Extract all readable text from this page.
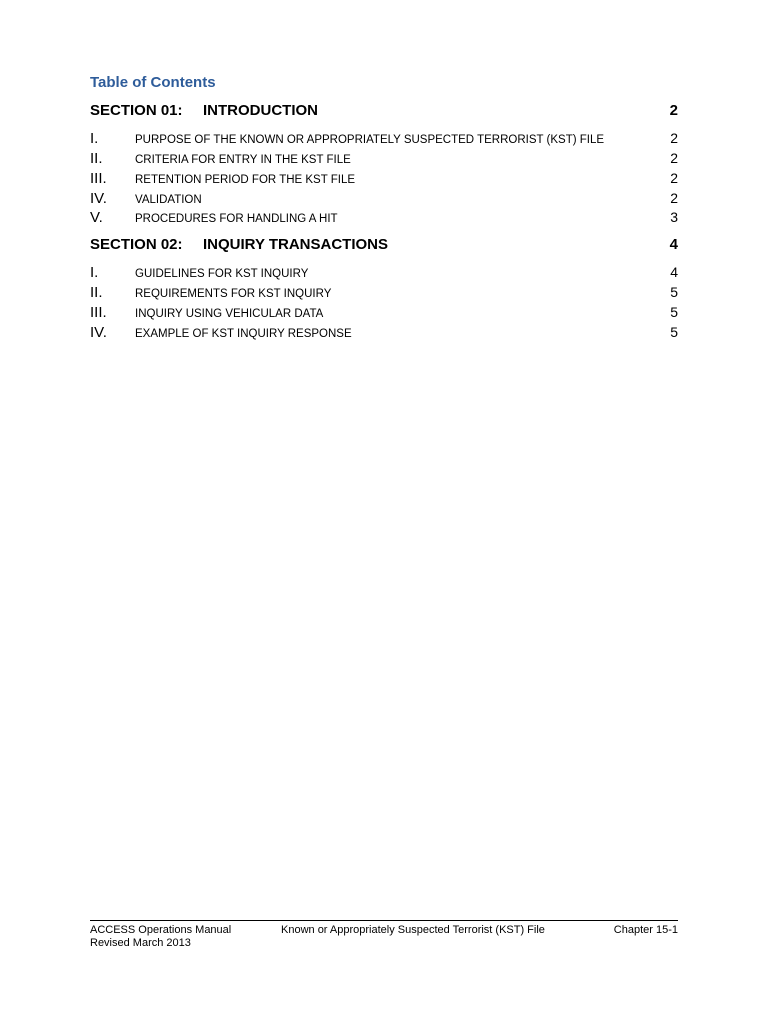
Table of Contents
SECTION 01:	INTRODUCTION	2
I.	PURPOSE OF THE KNOWN OR APPROPRIATELY SUSPECTED TERRORIST (KST) FILE	2
II.	CRITERIA FOR ENTRY IN THE KST FILE	2
III.	RETENTION PERIOD FOR THE KST FILE	2
IV.	VALIDATION	2
V.	PROCEDURES FOR HANDLING A HIT	3
SECTION 02:	INQUIRY TRANSACTIONS	4
I.	GUIDELINES FOR KST INQUIRY	4
II.	REQUIREMENTS FOR KST INQUIRY	5
III.	INQUIRY USING VEHICULAR DATA	5
IV.	EXAMPLE OF KST INQUIRY RESPONSE	5
ACCESS Operations Manual
Revised March 2013
Known or Appropriately Suspected Terrorist (KST) File	Chapter 15-1
